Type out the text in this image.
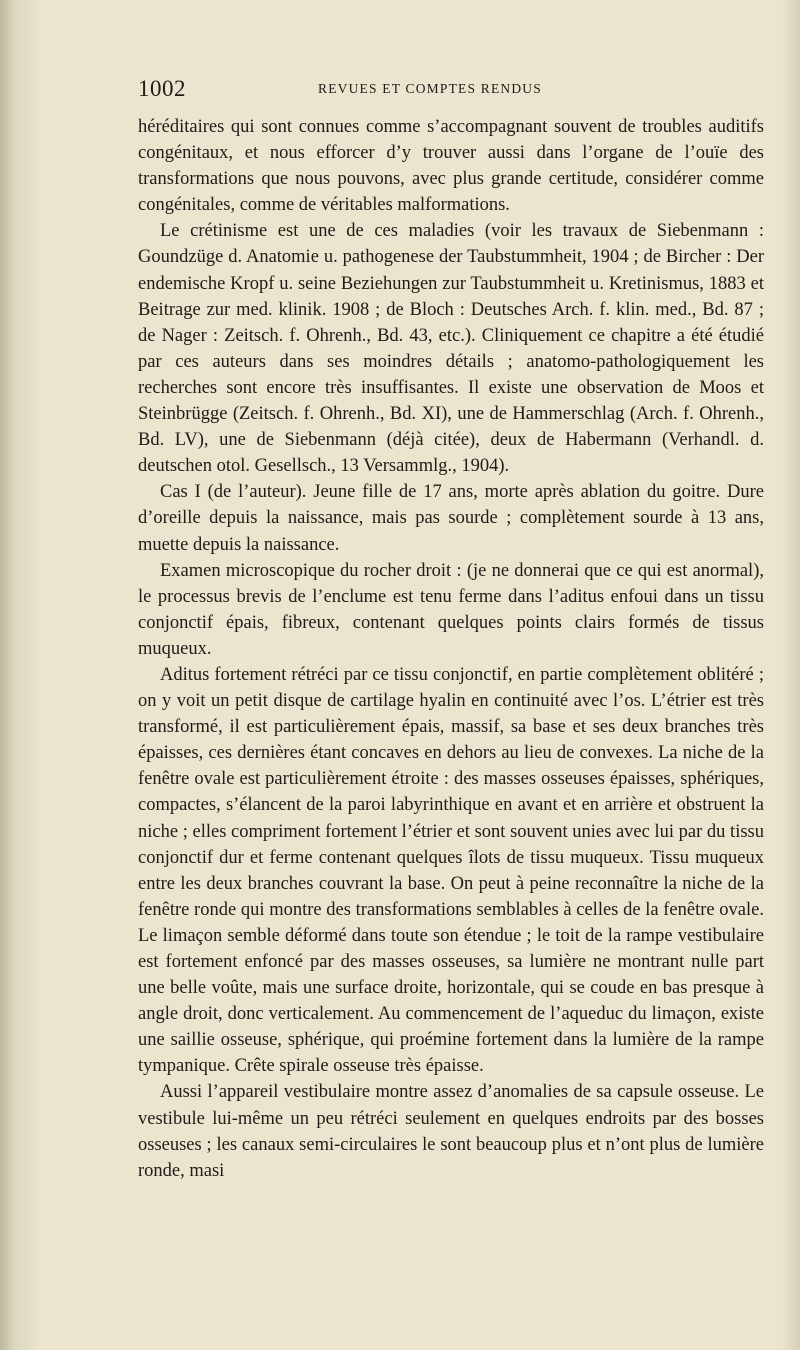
1002	REVUES ET COMPTES RENDUS

héréditaires qui sont connues comme s’accompagnant souvent de troubles auditifs congénitaux, et nous efforcer d’y trouver aussi dans l’organe de l’ouïe des transformations que nous pouvons, avec plus grande certitude, considérer comme congénitales, comme de véritables malformations.

Le crétinisme est une de ces maladies (voir les travaux de Siebenmann : Goundzüge d. Anatomie u. pathogenese der Taubstummheit, 1904 ; de Bircher : Der endemische Kropf u. seine Beziehungen zur Taubstummheit u. Kretinismus, 1883 et Beitrage zur med. klinik. 1908 ; de Bloch : Deutsches Arch. f. klin. med., Bd. 87 ; de Nager : Zeitsch. f. Ohrenh., Bd. 43, etc.). Cliniquement ce chapitre a été étudié par ces auteurs dans ses moindres détails ; anatomo-pathologiquement les recherches sont encore très insuffisantes. Il existe une observation de Moos et Steinbrügge (Zeitsch. f. Ohrenh., Bd. XI), une de Hammerschlag (Arch. f. Ohrenh., Bd. LV), une de Siebenmann (déjà citée), deux de Habermann (Verhandl. d. deutschen otol. Gesellsch., 13 Versammlg., 1904).

Cas I (de l’auteur). Jeune fille de 17 ans, morte après ablation du goitre. Dure d’oreille depuis la naissance, mais pas sourde ; complètement sourde à 13 ans, muette depuis la naissance.

Examen microscopique du rocher droit : (je ne donnerai que ce qui est anormal), le processus brevis de l’enclume est tenu ferme dans l’aditus enfoui dans un tissu conjonctif épais, fibreux, contenant quelques points clairs formés de tissus muqueux.

Aditus fortement rétréci par ce tissu conjonctif, en partie complètement oblitéré ; on y voit un petit disque de cartilage hyalin en continuité avec l’os. L’étrier est très transformé, il est particulièrement épais, massif, sa base et ses deux branches très épaisses, ces dernières étant concaves en dehors au lieu de convexes. La niche de la fenêtre ovale est particulièrement étroite : des masses osseuses épaisses, sphériques, compactes, s’élancent de la paroi labyrinthique en avant et en arrière et obstruent la niche ; elles compriment fortement l’étrier et sont souvent unies avec lui par du tissu conjonctif dur et ferme contenant quelques îlots de tissu muqueux. Tissu muqueux entre les deux branches couvrant la base. On peut à peine reconnaître la niche de la fenêtre ronde qui montre des transformations semblables à celles de la fenêtre ovale. Le limaçon semble déformé dans toute son étendue ; le toit de la rampe vestibulaire est fortement enfoncé par des masses osseuses, sa lumière ne montrant nulle part une belle voûte, mais une surface droite, horizontale, qui se coude en bas presque à angle droit, donc verticalement. Au commencement de l’aqueduc du limaçon, existe une saillie osseuse, sphérique, qui proémine fortement dans la lumière de la rampe tympanique. Crête spirale osseuse très épaisse.

Aussi l’appareil vestibulaire montre assez d’anomalies de sa capsule osseuse. Le vestibule lui-même un peu rétréci seulement en quelques endroits par des bosses osseuses ; les canaux semi-circulaires le sont beaucoup plus et n’ont plus de lumière ronde, masi
